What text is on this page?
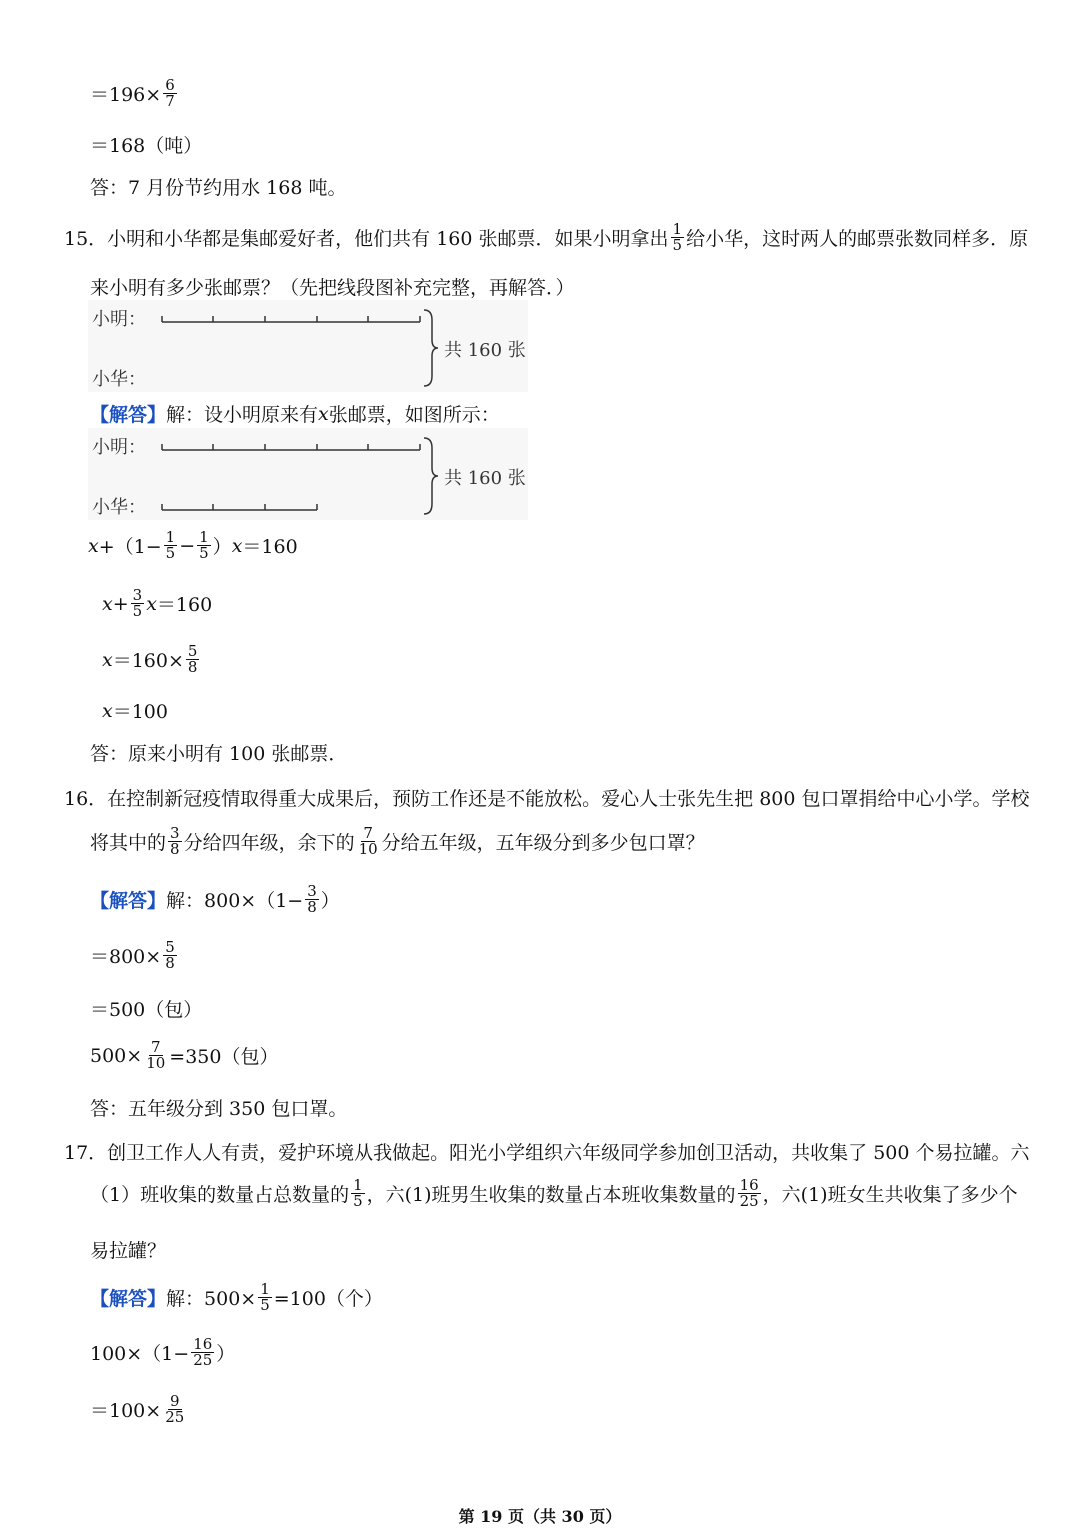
$=196\times \frac{6}{7}$
＝168（吨）
答：7 月份节约用水 168 吨。
15．小明和小华都是集邮爱好者，他们共有 160 张邮票．如果小明拿出 $\frac{1}{5}$ 给小华，这时两人的邮票张数同样多．原
来小明有多少张邮票？（先把线段图补充完整，再解答．）
小明：
小华：
共 160 张
【解答】 解：设小明原来有 x 张邮票，如图所示：
小明：
小华：
共 160 张
$x +(1- \frac{1}{5} - \frac{1}{5}$ ） x ＝160
$x + \frac{3}{5}$ x ＝160
$x =160\times \frac{5}{8}$
x ＝100
答：原来小明有 100 张邮票．
16．在控制新冠疫情取得重大成果后，预防工作还是不能放松。爱心人士张先生把 800 包口罩捐给中心小学。学校
将其中的 $\frac{3}{8}$ 分给四年级，余下的 $\frac{7}{10}$ 分给五年级，五年级分到多少包口罩？
【解答】 解：$800\times(1- \frac{3}{8}$ ）
$=800\times \frac{5}{8}$
＝500（包）
$500\times \frac{7}{10} =350$（包）
答：五年级分到 350 包口罩。
17．创卫工作人人有责，爱护环境从我做起。阳光小学组织六年级同学参加创卫活动，共收集了 500 个易拉罐。六
（1）班收集的数量占总数量的 $\frac{1}{5}$ ，六(1)班男生收集的数量占本班收集数量的 $\frac{16}{25}$ ，六(1)班女生共收集了多少个
易拉罐？
【解答】 解：$500\times \frac{1}{5} =100$（个）
$100\times(1- \frac{16}{25}$ ）
$=100\times \frac{9}{25}$
第 19 页（共 30 页）
